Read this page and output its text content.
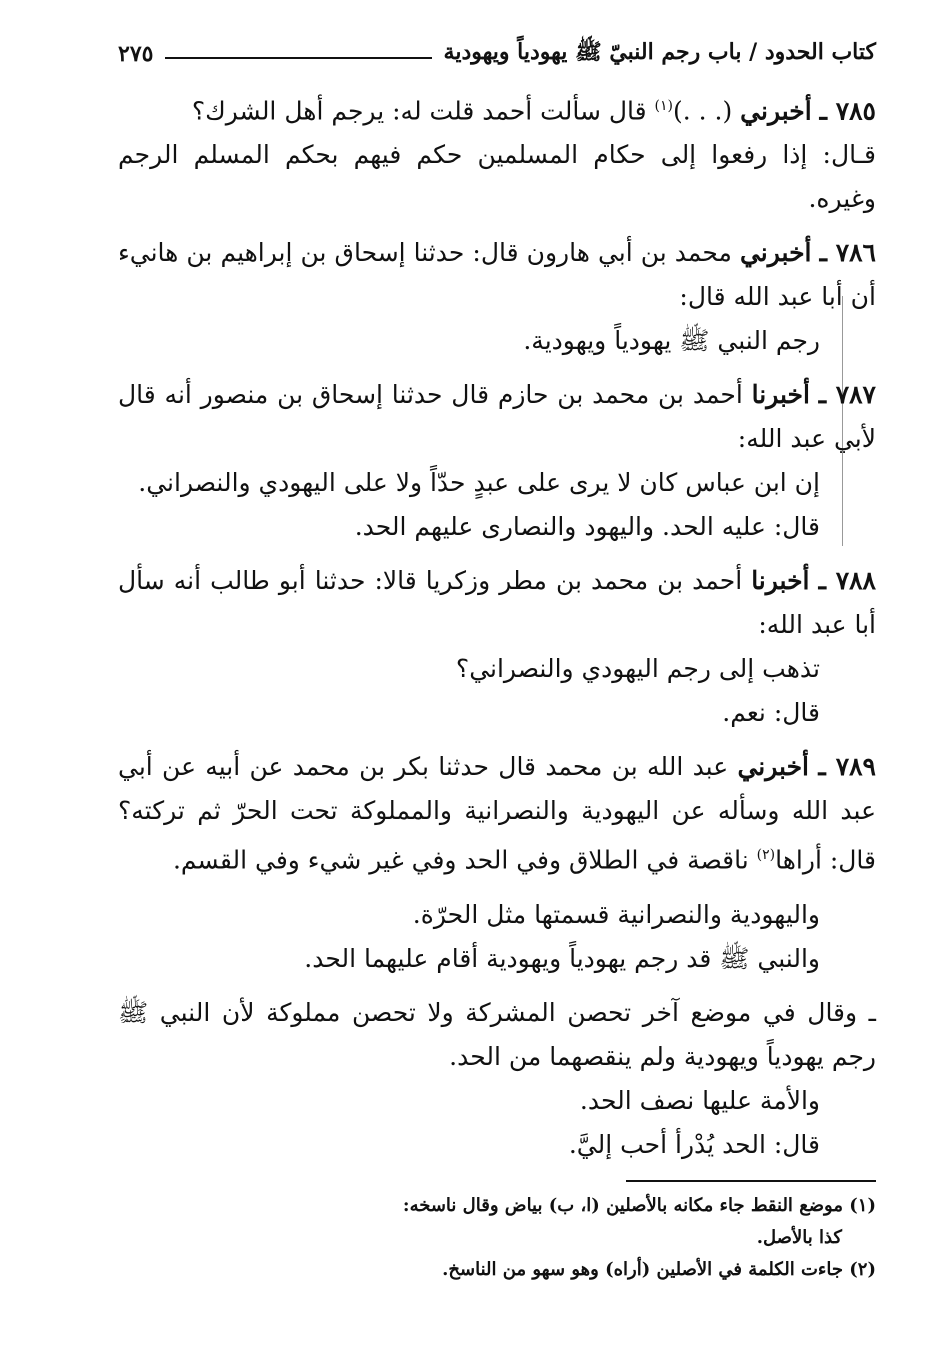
كتاب الحدود / باب رجم النبيّ ﷺ يهودياً ويهودية
٢٧٥

٧٨٥ ـ أخبرني (. . .)$^{(١)}$ قال سألت أحمد قلت له: يرجم أهل الشرك؟

قـال: إذا رفعوا إلى حكام المسلمين حكم فيهم بحكم المسلم الرجم وغيره.

٧٨٦ ـ أخبرني محمد بن أبي هارون قال: حدثنا إسحاق بن إبراهيم بن هانيء أن أبا عبد الله قال:

رجم النبي ﷺ يهودياً ويهودية.

٧٨٧ ـ أخبرنا أحمد بن محمد بن حازم قال حدثنا إسحاق بن منصور أنه قال لأبي عبد الله:

إن ابن عباس كان لا يرى على عبدٍ حدّاً ولا على اليهودي والنصراني.

قال: عليه الحد. واليهود والنصارى عليهم الحد.

٧٨٨ ـ أخبرنا أحمد بن محمد بن مطر وزكريا قالا: حدثنا أبو طالب أنه سأل أبا عبد الله:

تذهب إلى رجم اليهودي والنصراني؟

قال: نعم.

٧٨٩ ـ أخبرني عبد الله بن محمد قال حدثنا بكر بن محمد عن أبيه عن أبي عبد الله وسأله عن اليهودية والنصرانية والمملوكة تحت الحرّ ثم تركته؟ قال: أراها$^{(٢)}$ ناقصة في الطلاق وفي الحد وفي غير شيء وفي القسم.

واليهودية والنصرانية قسمتها مثل الحرّة.

والنبي ﷺ قد رجم يهودياً ويهودية أقام عليهما الحد.

ـ وقال في موضع آخر تحصن المشركة ولا تحصن مملوكة لأن النبي ﷺ رجم يهودياً ويهودية ولم ينقصهما من الحد.

والأمة عليها نصف الحد.

قال: الحد يُدْرأ أحب إليَّ.

(١) موضع النقط جاء مكانه بالأصلين (ا، ب) بياض وقال ناسخه:

كذا بالأصل.

(٢) جاءت الكلمة في الأصلين (أراه) وهو سهو من الناسخ.
